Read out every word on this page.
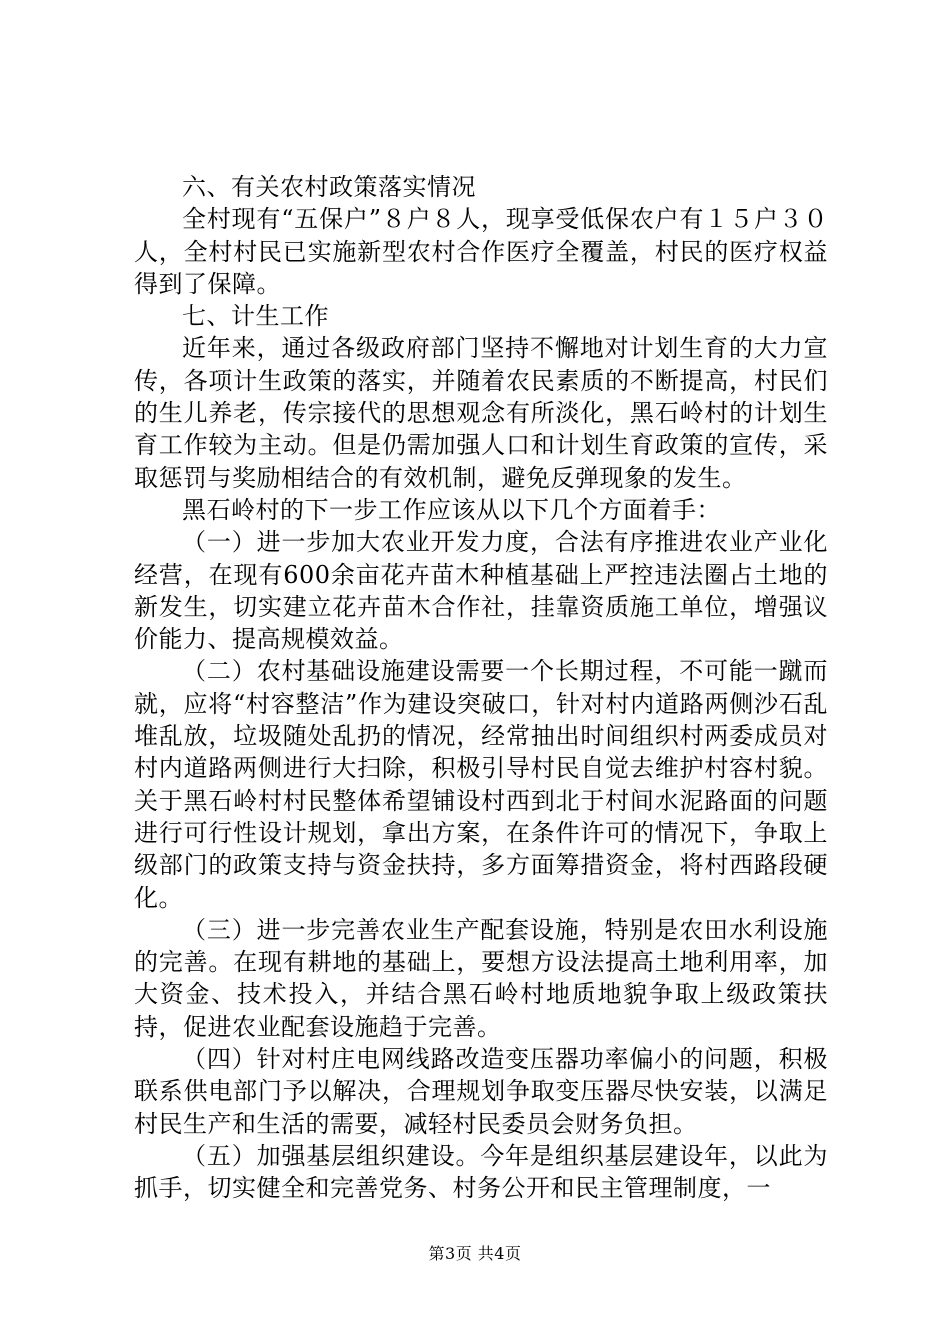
六、有关农村政策落实情况

全村现有“五保户”８户８人，现享受低保农户有１５户３０人，全村村民已实施新型农村合作医疗全覆盖，村民的医疗权益得到了保障。

七、计生工作

近年来，通过各级政府部门坚持不懈地对计划生育的大力宣传，各项计生政策的落实，并随着农民素质的不断提高，村民们的生儿养老，传宗接代的思想观念有所淡化，黑石岭村的计划生育工作较为主动。但是仍需加强人口和计划生育政策的宣传，采取惩罚与奖励相结合的有效机制，避免反弹现象的发生。

黑石岭村的下一步工作应该从以下几个方面着手：

（一）进一步加大农业开发力度，合法有序推进农业产业化经营，在现有600余亩花卉苗木种植基础上严控违法圈占土地的新发生，切实建立花卉苗木合作社，挂靠资质施工单位，增强议价能力、提高规模效益。

（二）农村基础设施建设需要一个长期过程，不可能一蹴而就，应将“村容整洁”作为建设突破口，针对村内道路两侧沙石乱堆乱放，垃圾随处乱扔的情况，经常抽出时间组织村两委成员对村内道路两侧进行大扫除，积极引导村民自觉去维护村容村貌。关于黑石岭村村民整体希望铺设村西到北于村间水泥路面的问题进行可行性设计规划，拿出方案，在条件许可的情况下，争取上级部门的政策支持与资金扶持，多方面筹措资金，将村西路段硬化。

（三）进一步完善农业生产配套设施，特别是农田水利设施的完善。在现有耕地的基础上，要想方设法提高土地利用率，加大资金、技术投入，并结合黑石岭村地质地貌争取上级政策扶持，促进农业配套设施趋于完善。

（四）针对村庄电网线路改造变压器功率偏小的问题，积极联系供电部门予以解决，合理规划争取变压器尽快安装，以满足村民生产和生活的需要，减轻村民委员会财务负担。

（五）加强基层组织建设。今年是组织基层建设年，以此为抓手，切实健全和完善党务、村务公开和民主管理制度，一

第3页 共4页
